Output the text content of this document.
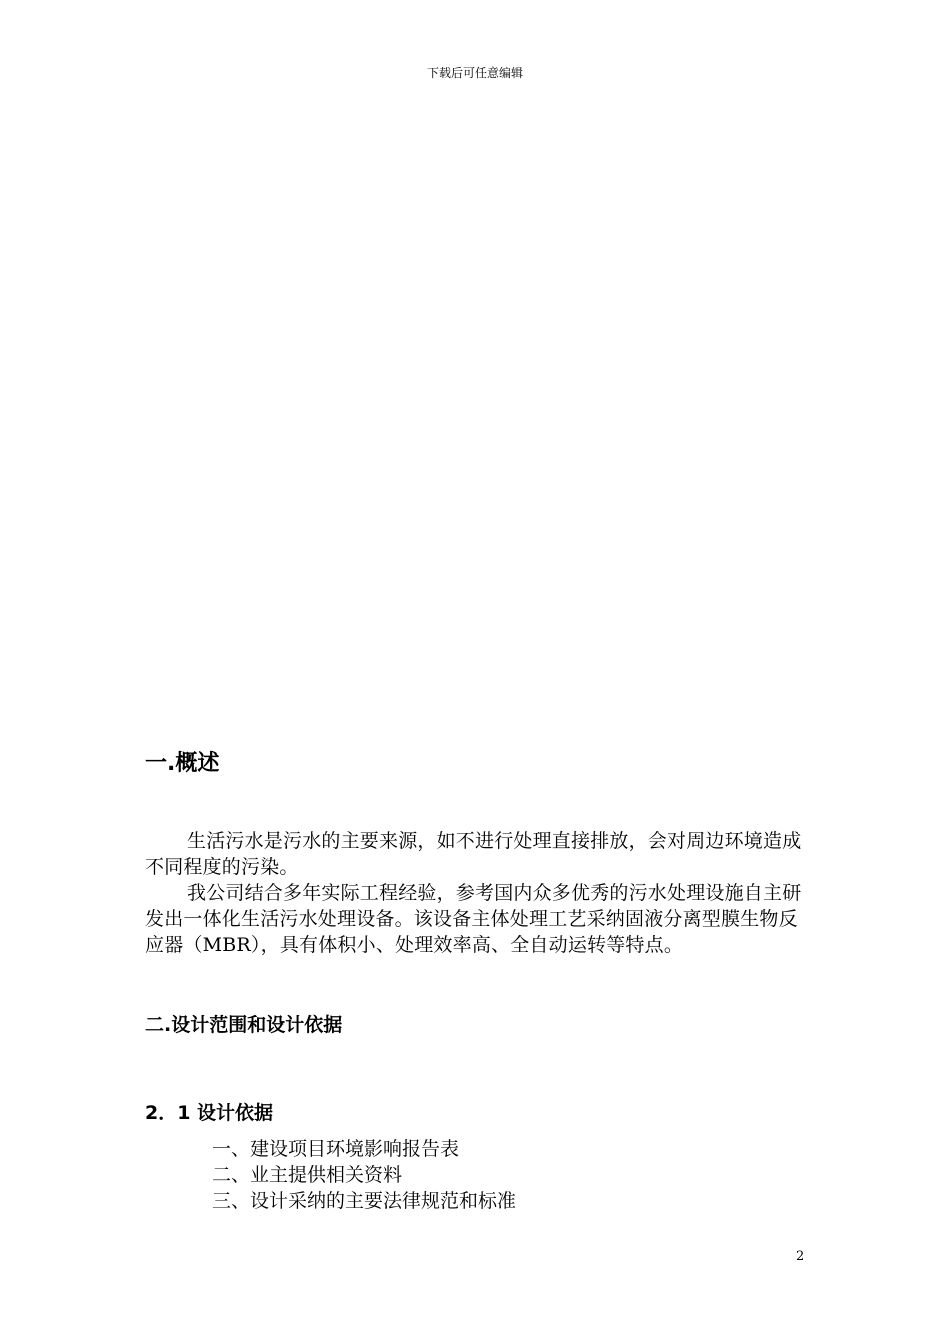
下载后可任意编辑
一.概述

生活污水是污水的主要来源，如不进行处理直接排放，会对周边环境造成不同程度的污染。

我公司结合多年实际工程经验，参考国内众多优秀的污水处理设施自主研发出一体化生活污水处理设备。该设备主体处理工艺采纳固液分离型膜生物反应器（MBR），具有体积小、处理效率高、全自动运转等特点。

二.设计范围和设计依据
2．1 设计依据
一、建设项目环境影响报告表
二、业主提供相关资料
三、设计采纳的主要法律规范和标准
2
